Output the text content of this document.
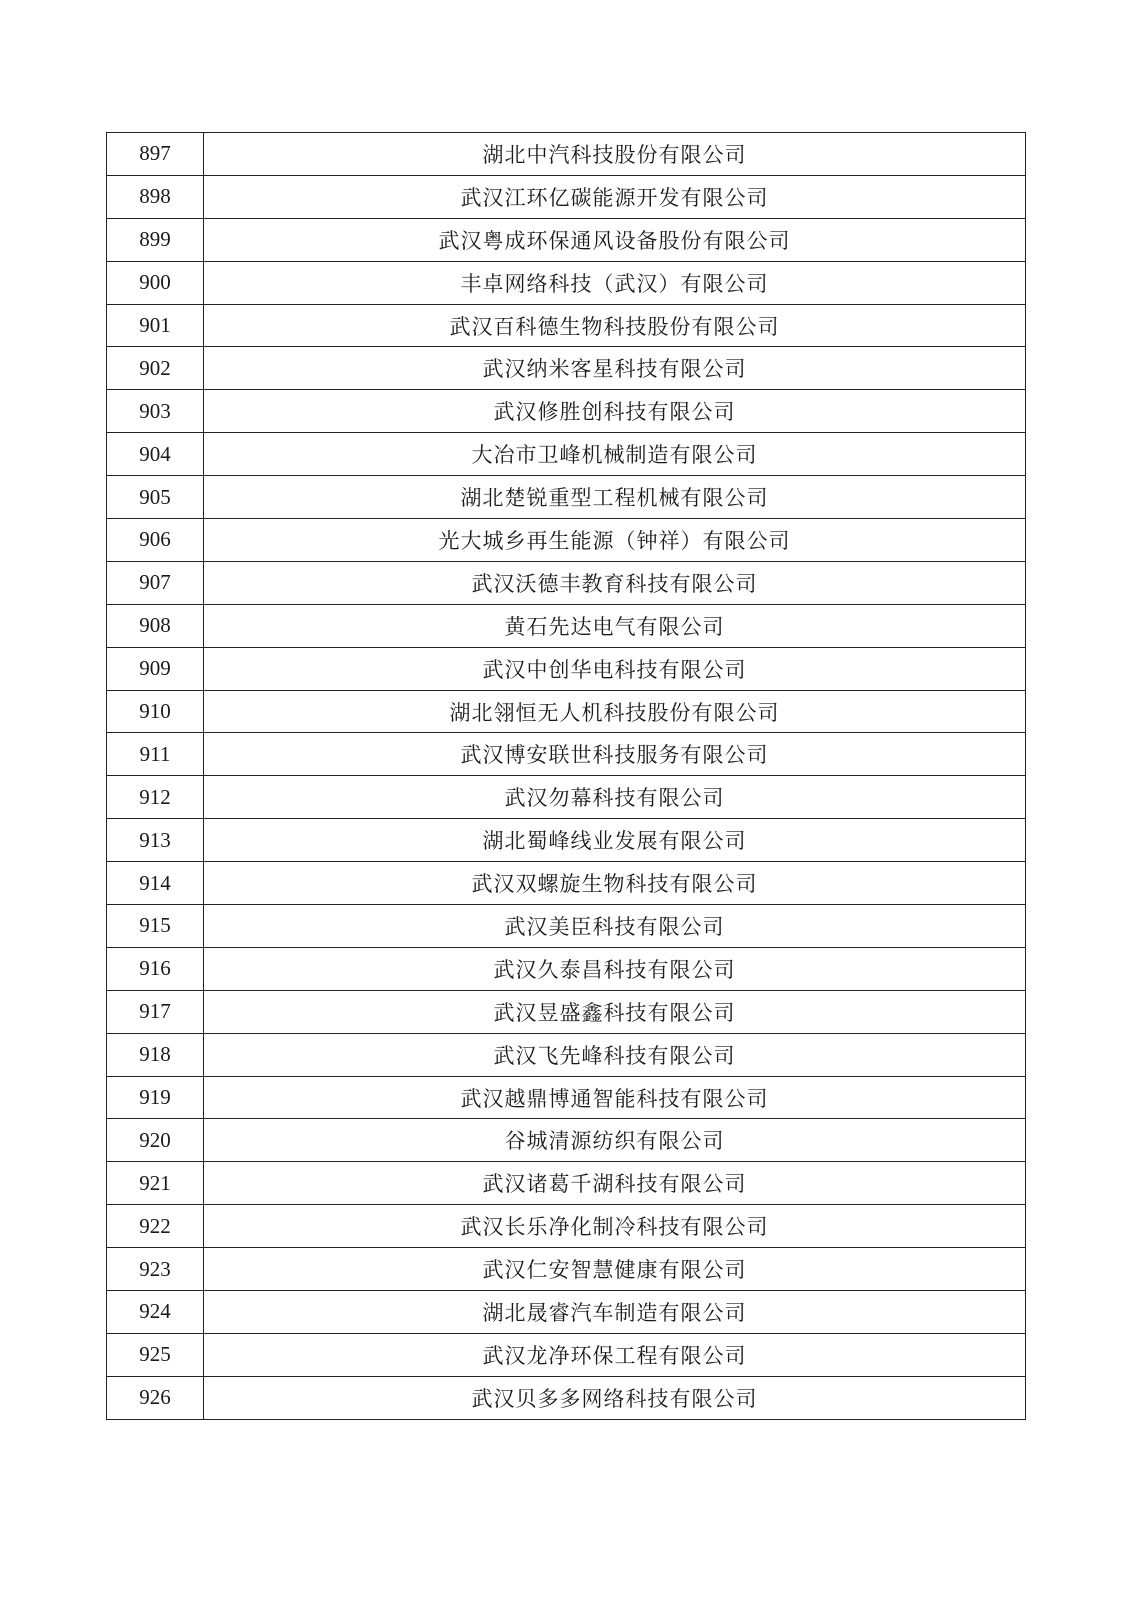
897	湖北中汽科技股份有限公司
898	武汉江环亿碳能源开发有限公司
899	武汉粤成环保通风设备股份有限公司
900	丰卓网络科技（武汉）有限公司
901	武汉百科德生物科技股份有限公司
902	武汉纳米客星科技有限公司
903	武汉修胜创科技有限公司
904	大冶市卫峰机械制造有限公司
905	湖北楚锐重型工程机械有限公司
906	光大城乡再生能源（钟祥）有限公司
907	武汉沃德丰教育科技有限公司
908	黄石先达电气有限公司
909	武汉中创华电科技有限公司
910	湖北翎恒无人机科技股份有限公司
911	武汉博安联世科技服务有限公司
912	武汉勿幕科技有限公司
913	湖北蜀峰线业发展有限公司
914	武汉双螺旋生物科技有限公司
915	武汉美臣科技有限公司
916	武汉久泰昌科技有限公司
917	武汉昱盛鑫科技有限公司
918	武汉飞先峰科技有限公司
919	武汉越鼎博通智能科技有限公司
920	谷城清源纺织有限公司
921	武汉诸葛千湖科技有限公司
922	武汉长乐净化制冷科技有限公司
923	武汉仁安智慧健康有限公司
924	湖北晟睿汽车制造有限公司
925	武汉龙净环保工程有限公司
926	武汉贝多多网络科技有限公司
